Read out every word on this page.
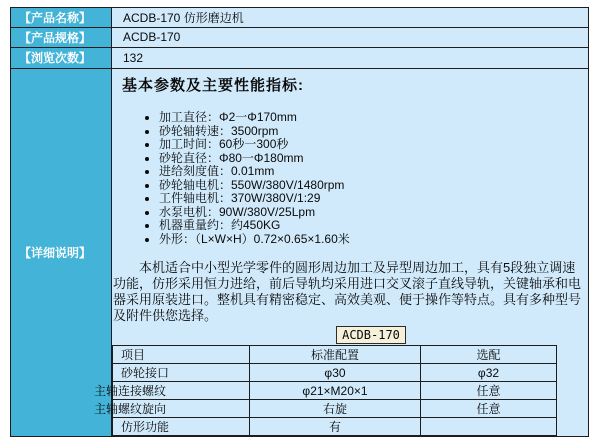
【产品名称】	ACDB-170 仿形磨边机
【产品规格】	ACDB-170
【浏览次数】	132
【详细说明】
基本参数及主要性能指标:
• 加工直径：Φ2一Φ170mm
• 砂轮轴转速：3500rpm
• 加工时间：60秒一300秒
• 砂轮直径：Φ80一Φ180mm
• 进给刻度值：0.01mm
• 砂轮轴电机：550W/380V/1480rpm
• 工件轴电机：370W/380V/1:29
• 水泵电机：90W/380V/25Lpm
• 机器重量约：约450KG
• 外形：（L×W×H）0.72×0.65×1.60米

本机适合中小型光学零件的圆形周边加工及异型周边加工，具有5段独立调速功能，仿形采用恒力进给，前后导轨均采用进口交叉滚子直线导轨，关键轴承和电器采用原装进口。整机具有精密稳定、高效美观、便于操作等特点。具有多种型号及附件供您选择。

ACDB-170
项目	标准配置	选配
砂轮接口	φ30	φ32
主轴连接螺纹	φ21×M20×1	任意
主轴螺纹旋向	右旋	任意
仿形功能	有	
